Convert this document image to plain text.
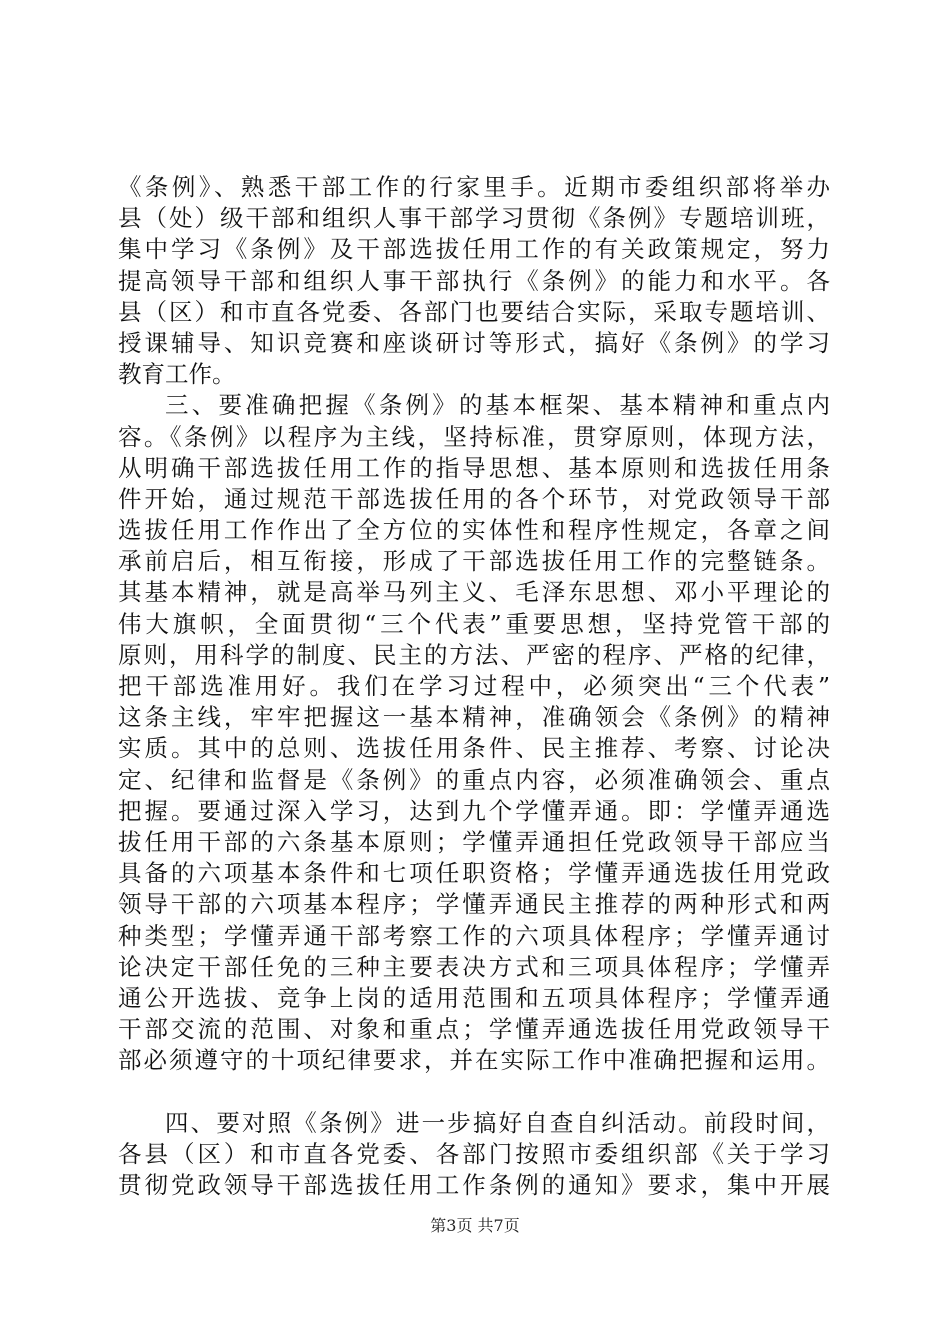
《条例》、熟悉干部工作的行家里手。近期市委组织部将举办
县（处）级干部和组织人事干部学习贯彻《条例》专题培训班，
集中学习《条例》及干部选拔任用工作的有关政策规定，努力
提高领导干部和组织人事干部执行《条例》的能力和水平。各
县（区）和市直各党委、各部门也要结合实际，采取专题培训、
授课辅导、知识竞赛和座谈研讨等形式，搞好《条例》的学习
教育工作。
三、要准确把握《条例》的基本框架、基本精神和重点内
容。《条例》以程序为主线，坚持标准，贯穿原则，体现方法，
从明确干部选拔任用工作的指导思想、基本原则和选拔任用条
件开始，通过规范干部选拔任用的各个环节，对党政领导干部
选拔任用工作作出了全方位的实体性和程序性规定，各章之间
承前启后，相互衔接，形成了干部选拔任用工作的完整链条。
其基本精神，就是高举马列主义、毛泽东思想、邓小平理论的
伟大旗帜，全面贯彻“三个代表”重要思想，坚持党管干部的
原则，用科学的制度、民主的方法、严密的程序、严格的纪律，
把干部选准用好。我们在学习过程中，必须突出“三个代表”
这条主线，牢牢把握这一基本精神，准确领会《条例》的精神
实质。其中的总则、选拔任用条件、民主推荐、考察、讨论决
定、纪律和监督是《条例》的重点内容，必须准确领会、重点
把握。要通过深入学习，达到九个学懂弄通。即：学懂弄通选
拔任用干部的六条基本原则；学懂弄通担任党政领导干部应当
具备的六项基本条件和七项任职资格；学懂弄通选拔任用党政
领导干部的六项基本程序；学懂弄通民主推荐的两种形式和两
种类型；学懂弄通干部考察工作的六项具体程序；学懂弄通讨
论决定干部任免的三种主要表决方式和三项具体程序；学懂弄
通公开选拔、竞争上岗的适用范围和五项具体程序；学懂弄通
干部交流的范围、对象和重点；学懂弄通选拔任用党政领导干
部必须遵守的十项纪律要求，并在实际工作中准确把握和运用。
四、要对照《条例》进一步搞好自查自纠活动。前段时间，
各县（区）和市直各党委、各部门按照市委组织部《关于学习
贯彻党政领导干部选拔任用工作条例的通知》要求，集中开展
第3页 共7页
